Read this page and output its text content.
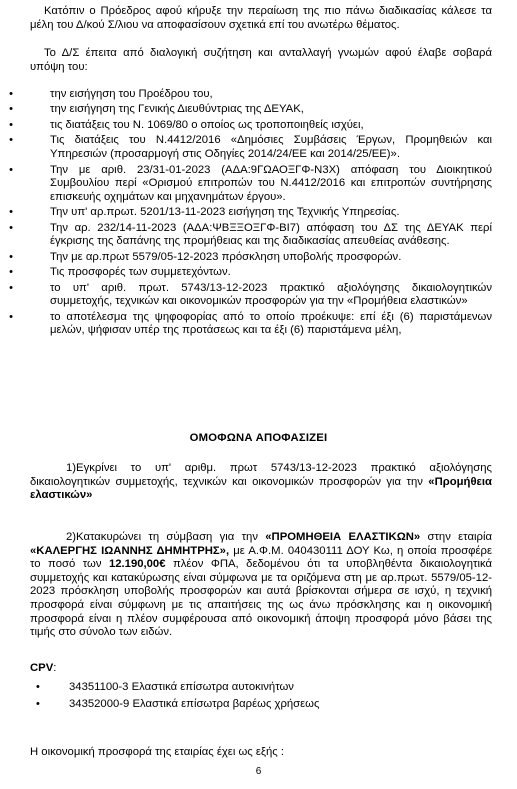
Κατόπιν ο Πρόεδρος αφού κήρυξε την περαίωση της πιο πάνω διαδικασίας κάλεσε τα μέλη του Δ/κού Σ/λιου να αποφασίσουν σχετικά επί του ανωτέρω θέματος.

Το Δ/Σ έπειτα από διαλογική συζήτηση και ανταλλαγή γνωμών αφού έλαβε σοβαρά υπόψη του:

•	την εισήγηση του Προέδρου του,
•	την εισήγηση της Γενικής Διευθύντριας της ΔΕΥΑΚ,
•	τις διατάξεις του Ν. 1069/80 ο οποίος ως τροποποιηθείς ισχύει,
•	Τις διατάξεις του Ν.4412/2016 «Δημόσιες Συμβάσεις Έργων, Προμηθειών και Υπηρεσιών (προσαρμογή στις Οδηγίες 2014/24/ΕΕ και 2014/25/ΕΕ)».
•	Την με αριθ. 23/31-01-2023 (ΑΔΑ:9ΓΩΑΟΞΓΦ-Ν3Χ) απόφαση του Διοικητικού Συμβουλίου περί «Ορισμού επιτροπών του Ν.4412/2016 και επιτροπών συντήρησης επισκευής οχημάτων και μηχανημάτων έργου».
•	Την υπ' αρ.πρωτ. 5201/13-11-2023 εισήγηση της Τεχνικής Υπηρεσίας.
•	Την αρ. 232/14-11-2023 (ΑΔΑ:ΨΒΞΞΟΞΓΦ-ΒΙ7) απόφαση του ΔΣ της ΔΕΥΑΚ περί έγκρισης της δαπάνης της προμήθειας και της διαδικασίας απευθείας ανάθεσης.
•	Την με αρ.πρωτ 5579/05-12-2023 πρόσκληση υποβολής προσφορών.
•	Τις προσφορές των συμμετεχόντων.
•	το υπ' αριθ. πρωτ. 5743/13-12-2023 πρακτικό αξιολόγησης δικαιολογητικών συμμετοχής, τεχνικών και οικονομικών προσφορών για την «Προμήθεια ελαστικών»
•	το αποτέλεσμα της ψηφοφορίας από το οποίο προέκυψε: επί έξι (6) παριστάμενων μελών, ψήφισαν υπέρ της προτάσεως και τα έξι (6) παριστάμενα μέλη,
ΟΜΟΦΩΝΑ ΑΠΟΦΑΣΙΖΕΙ

1)Εγκρίνει το υπ' αριθμ. πρωτ 5743/13-12-2023 πρακτικό αξιολόγησης δικαιολογητικών συμμετοχής, τεχνικών και οικονομικών προσφορών για την «Προμήθεια ελαστικών»

2)Κατακυρώνει τη σύμβαση για την «ΠΡΟΜΗΘΕΙΑ ΕΛΑΣΤΙΚΩΝ» στην εταιρία «ΚΑΛΕΡΓΗΣ ΙΩΑΝΝΗΣ ΔΗΜΗΤΡΗΣ», με Α.Φ.Μ. 040430111 ΔΟΥ Κω, η οποία προσφέρε το ποσό των 12.190,00€ πλέον ΦΠΑ, δεδομένου ότι τα υποβληθέντα δικαιολογητικά συμμετοχής και κατακύρωσης είναι σύμφωνα με τα οριζόμενα στη με αρ.πρωτ. 5579/05-12-2023 πρόσκληση υποβολής προσφορών και αυτά βρίσκονται σήμερα σε ισχύ, η τεχνική προσφορά είναι σύμφωνη με τις απαιτήσεις της ως άνω πρόσκλησης και η οικονομική προσφορά είναι η πλέον συμφέρουσα από οικονομική άποψη προσφορά μόνο βάσει της τιμής στο σύνολο των ειδών.

CPV:
•	34351100-3 Ελαστικά επίσωτρα αυτοκινήτων
•	34352000-9 Ελαστικά επίσωτρα βαρέως χρήσεως
Η οικονομική προσφορά της εταιρίας έχει ως εξής :
6
